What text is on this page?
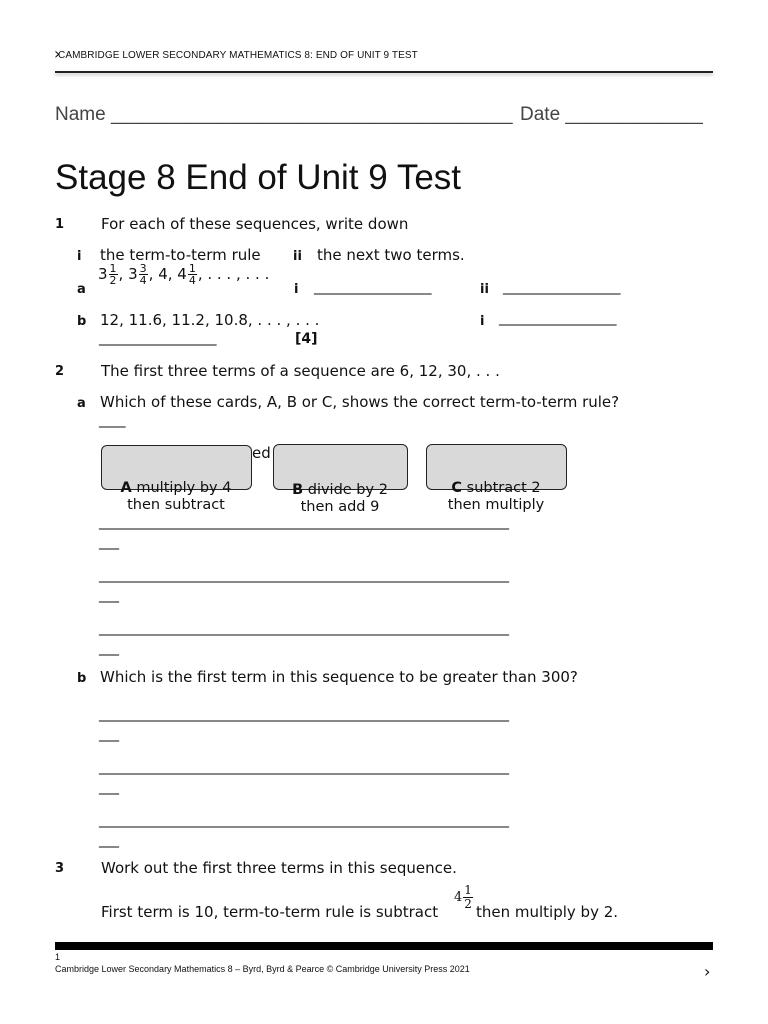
›
CAMBRIDGE LOWER SECONDARY MATHEMATICS 8: END OF UNIT 9 TEST
Name ______________________________________ Date _____________
Stage 8 End of Unit 9 Test
1 For each of these sequences, write down
i the term-to-term rule ii the next two terms.
a
$3 \frac{1}{2}$ , $3 \frac{3}{4}$ , 4, $4 \frac{1}{4}$ , . . . , . . .
i __________________	ii __________________
b 12, 11.6, 11.2, 10.8, . . . , . . .	i __________________
__________________	[4]
2 The first three terms of a sequence are 6, 12, 30, . . .
a Which of these cards, A, B or C, shows the correct term-to-term rule?
____
ed
A multiply by 4
then subtract
B divide by 2
then add 9
C subtract 2
then multiply
_______________________________________________________________
___
_______________________________________________________________
___
_______________________________________________________________
___
b Which is the first term in this sequence to be greater than 300?
_______________________________________________________________
___
_______________________________________________________________
___
_______________________________________________________________
___
3 Work out the first three terms in this sequence.
First term is 10, term-to-term rule is subtract
$4 \frac{1}{2}$
then multiply by 2.
1
Cambridge Lower Secondary Mathematics 8 – Byrd, Byrd & Pearce © Cambridge University Press 2021	›
